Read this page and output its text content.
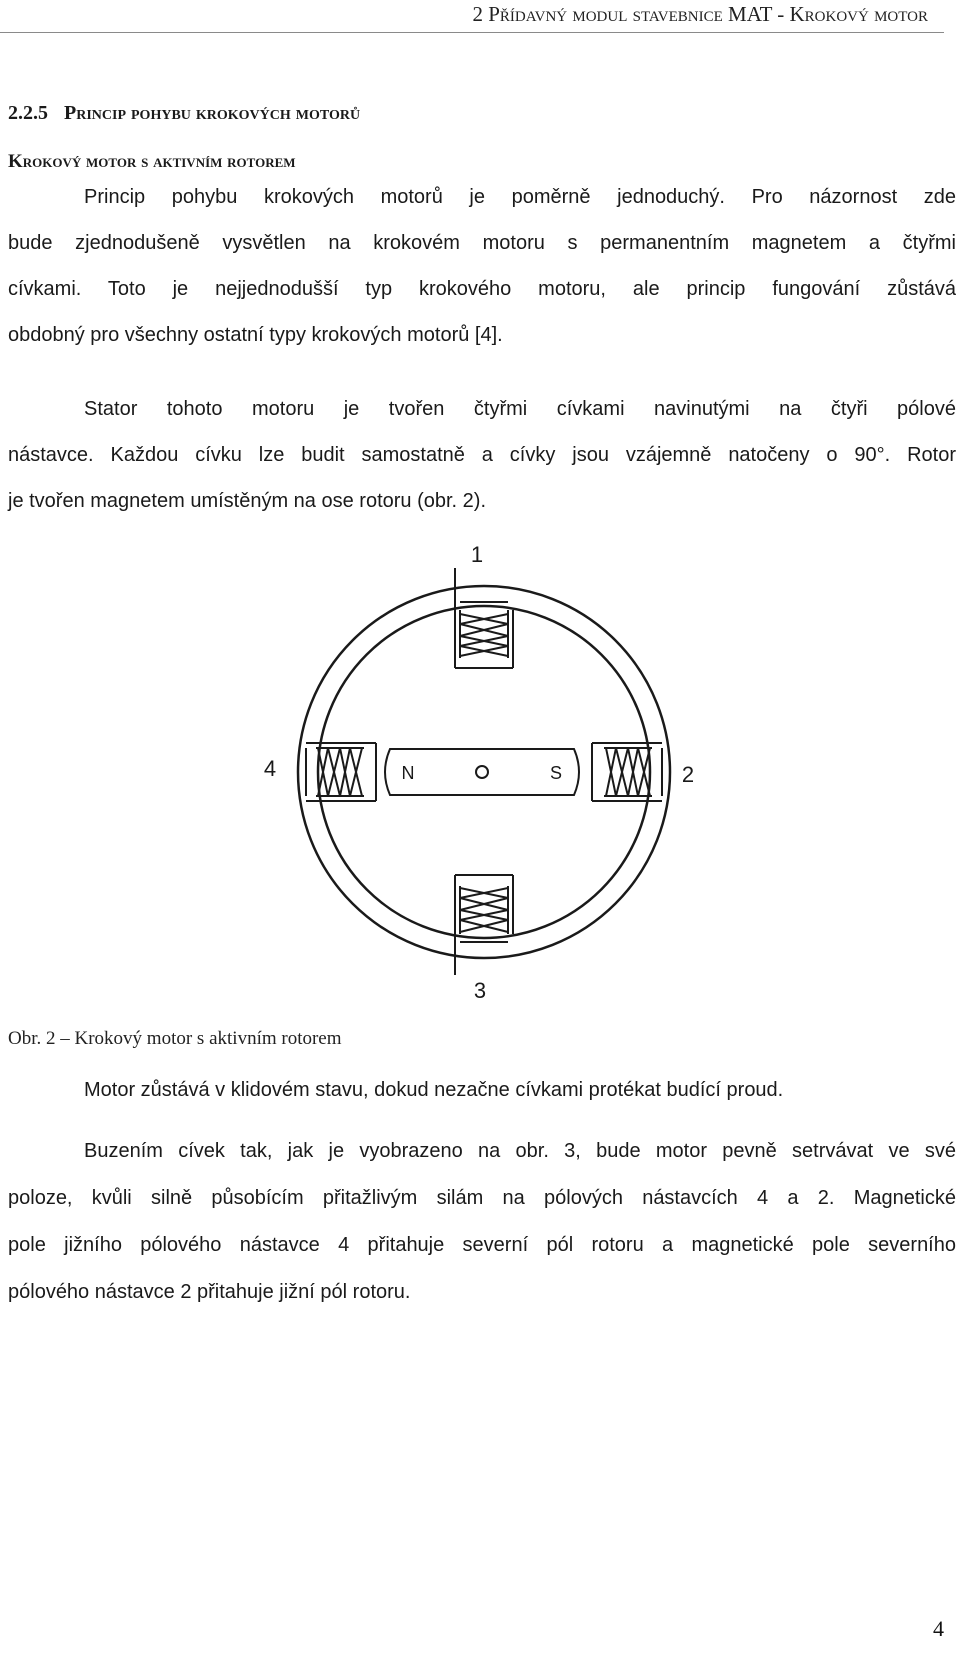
2 Přídavný modul stavebnice MAT - Krokový motor
2.2.5 Princip pohybu krokových motorů
Krokový motor s aktivním rotorem
Princip pohybu krokových motorů je poměrně jednoduchý. Pro názornost zde
bude zjednodušeně vysvětlen na krokovém motoru s permanentním magnetem a čtyřmi
cívkami. Toto je nejjednodušší typ krokového motoru, ale princip fungování zůstává
obdobný pro všechny ostatní typy krokových motorů [4].
Stator tohoto motoru je tvořen čtyřmi cívkami navinutými na čtyři pólové
nástavce. Každou cívku lze budit samostatně a cívky jsou vzájemně natočeny o 90°. Rotor
je tvořen magnetem umístěným na ose rotoru (obr. 2).
1
2
3
4	N	S
Obr. 2 – Krokový motor s aktivním rotorem
Motor zůstává v klidovém stavu, dokud nezačne cívkami protékat budící proud.
Buzením cívek tak, jak je vyobrazeno na obr. 3, bude motor pevně setrvávat ve své
poloze, kvůli silně působícím přitažlivým silám na pólových nástavcích 4 a 2. Magnetické
pole jižního pólového nástavce 4 přitahuje severní pól rotoru a magnetické pole severního
pólového nástavce 2 přitahuje jižní pól rotoru.
4
